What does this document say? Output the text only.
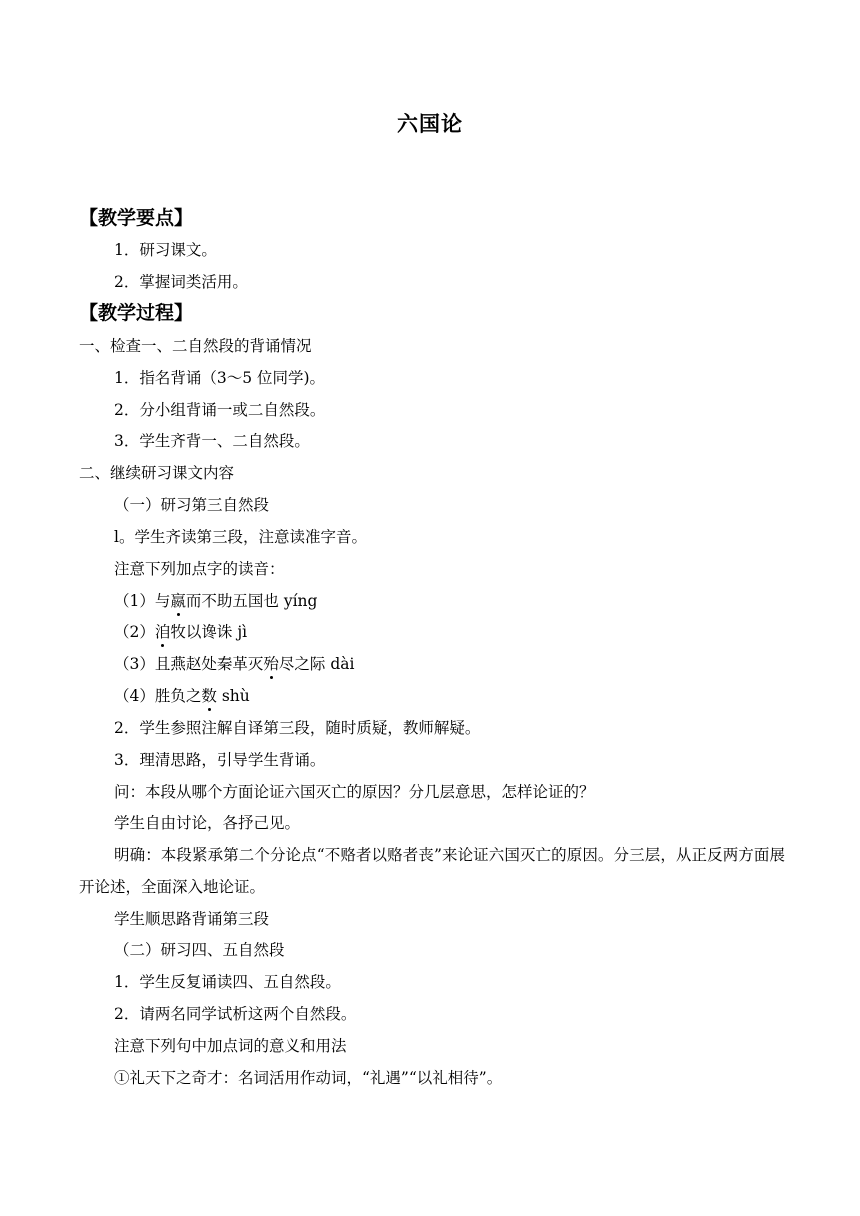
六国论
【教学要点】
1．研习课文。
2．掌握词类活用。
【教学过程】
一、检查一、二自然段的背诵情况
1．指名背诵（3～5 位同学)。
2．分小组背诵一或二自然段。
3．学生齐背一、二自然段。
二、继续研习课文内容
（一）研习第三自然段
l。学生齐读第三段，注意读准字音。
注意下列加点字的读音：
（1）与嬴而不助五国也 yíng
（2）洎牧以谗诛 jì
（3）且燕赵处秦革灭殆尽之际 dài
（4）胜负之数 shù
2．学生参照注解自译第三段，随时质疑，教师解疑。
3．理清思路，引导学生背诵。
问：本段从哪个方面论证六国灭亡的原因？分几层意思，怎样论证的？
学生自由讨论，各抒己见。
明确：本段紧承第二个分论点“不赂者以赂者丧”来论证六国灭亡的原因。分三层，从正反两方面展开论述，全面深入地论证。
学生顺思路背诵第三段
（二）研习四、五自然段
1．学生反复诵读四、五自然段。
2．请两名同学试析这两个自然段。
注意下列句中加点词的意义和用法
①礼天下之奇才：名词活用作动词，“礼遇”“以礼相待”。
